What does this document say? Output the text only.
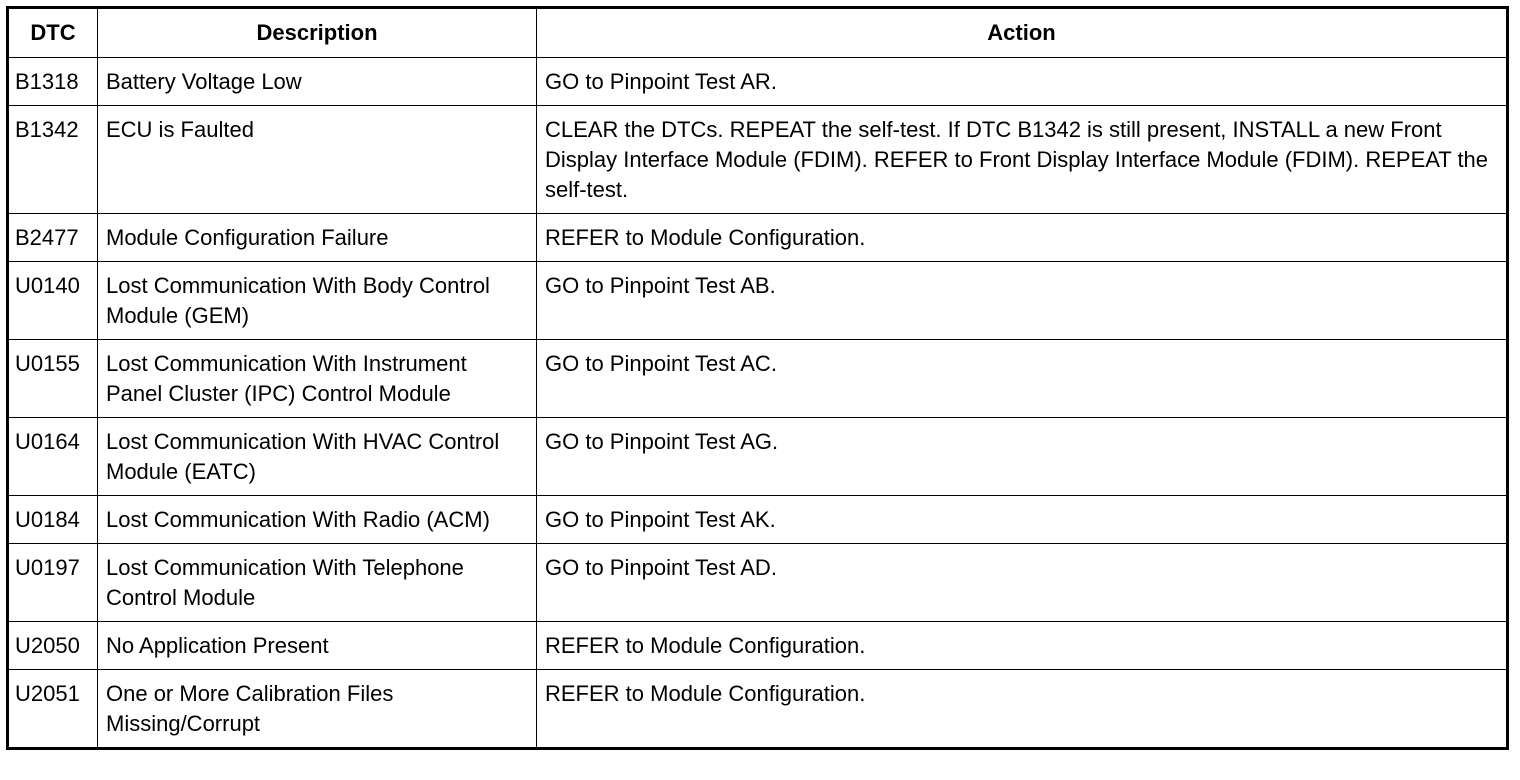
DTC	Description	Action
B1318	Battery Voltage Low	GO to Pinpoint Test AR.
B1342	ECU is Faulted	CLEAR the DTCs. REPEAT the self-test. If DTC B1342 is still present, INSTALL a new Front Display Interface Module (FDIM). REFER to Front Display Interface Module (FDIM). REPEAT the self-test.
B2477	Module Configuration Failure	REFER to Module Configuration.
U0140	Lost Communication With Body Control Module (GEM)	GO to Pinpoint Test AB.
U0155	Lost Communication With Instrument Panel Cluster (IPC) Control Module	GO to Pinpoint Test AC.
U0164	Lost Communication With HVAC Control Module (EATC)	GO to Pinpoint Test AG.
U0184	Lost Communication With Radio (ACM)	GO to Pinpoint Test AK.
U0197	Lost Communication With Telephone Control Module	GO to Pinpoint Test AD.
U2050	No Application Present	REFER to Module Configuration.
U2051	One or More Calibration Files Missing/Corrupt	REFER to Module Configuration.
